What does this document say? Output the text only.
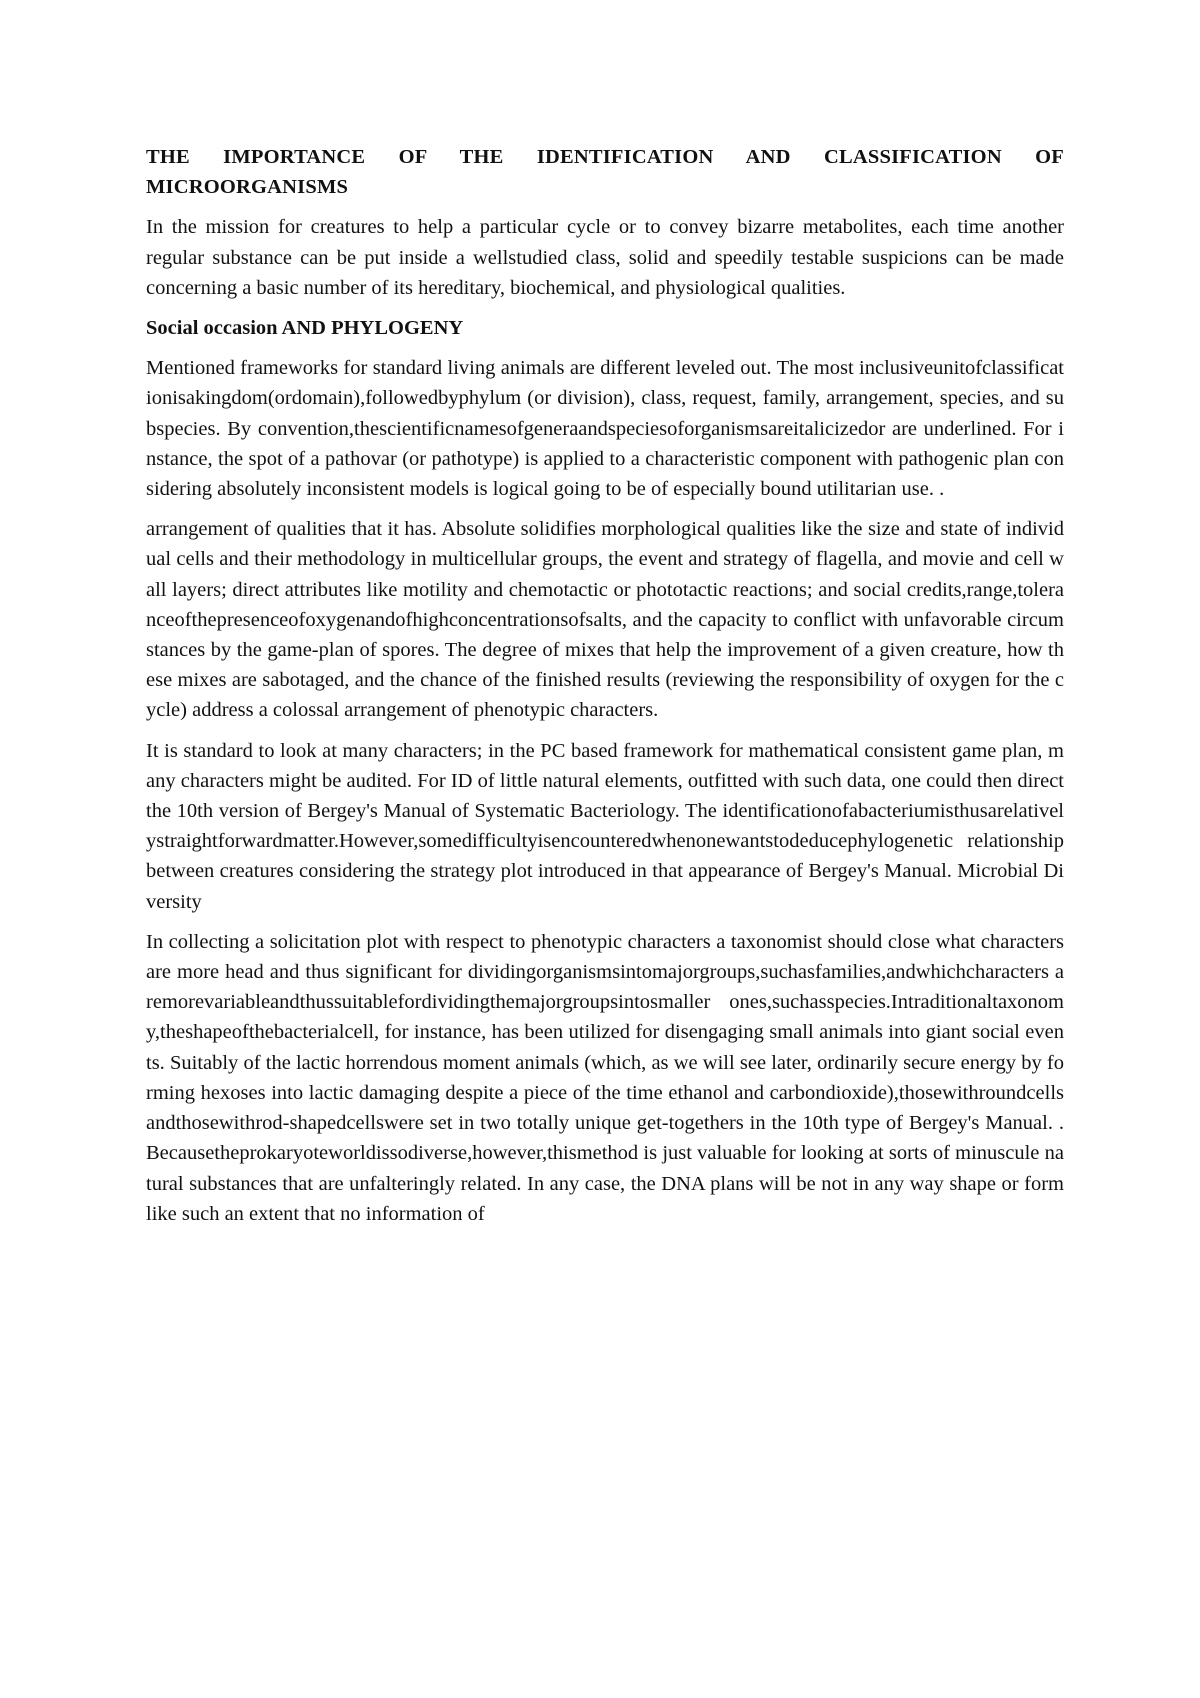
THE IMPORTANCE OF THE IDENTIFICATION AND CLASSIFICATION OF MICROORGANISMS
In the mission for creatures to help a particular cycle or to convey bizarre metabolites, each time another regular substance can be put inside a wellstudied class, solid and speedily testable suspicions can be made concerning a basic number of its hereditary, biochemical, and physiological qualities.
Social occasion AND PHYLOGENY
Mentioned frameworks for standard living animals are different leveled out. The most inclusiveunitofclassificationisakingdom(ordomain),followedbyphylum (or division), class, request, family, arrangement, species, and subspecies. By convention,thescientificnamesofgeneraandspeciesoforganismsareitalicizedor are underlined. For instance, the spot of a pathovar (or pathotype) is applied to a characteristic component with pathogenic plan considering absolutely inconsistent models is logical going to be of especially bound utilitarian use. .
arrangement of qualities that it has. Absolute solidifies morphological qualities like the size and state of individual cells and their methodology in multicellular groups, the event and strategy of flagella, and movie and cell wall layers; direct attributes like motility and chemotactic or phototactic reactions; and social credits,range,toleranceofthepresenceofoxygenandofhighconcentrationsofsalts, and the capacity to conflict with unfavorable circumstances by the game-plan of spores. The degree of mixes that help the improvement of a given creature, how these mixes are sabotaged, and the chance of the finished results (reviewing the responsibility of oxygen for the cycle) address a colossal arrangement of phenotypic characters.
It is standard to look at many characters; in the PC based framework for mathematical consistent game plan, many characters might be audited. For ID of little natural elements, outfitted with such data, one could then direct the 10th version of Bergey's Manual of Systematic Bacteriology. The identificationofabacteriumisthusarelativelystraightforwardmatter.However,somedifficultyisencounteredwhenonewantstodeducephylogenetic relationship between creatures considering the strategy plot introduced in that appearance of Bergey's Manual. Microbial Diversity
In collecting a solicitation plot with respect to phenotypic characters a taxonomist should close what characters are more head and thus significant for dividingorganismsintomajorgroups,suchasfamilies,andwhichcharacters aremorevariableandthussuitablefordividingthemajorgroupsintosmaller ones,suchasspecies.Intraditionaltaxonomy,theshapeofthebacterialcell, for instance, has been utilized for disengaging small animals into giant social events. Suitably of the lactic horrendous moment animals (which, as we will see later, ordinarily secure energy by forming hexoses into lactic damaging despite a piece of the time ethanol and carbondioxide),thosewithroundcellsandthosewithrod-shapedcellswere set in two totally unique get-togethers in the 10th type of Bergey's Manual. .Becausetheprokaryoteworldissodiverse,however,thismethod is just valuable for looking at sorts of minuscule natural substances that are unfalteringly related. In any case, the DNA plans will be not in any way shape or form like such an extent that no information of
